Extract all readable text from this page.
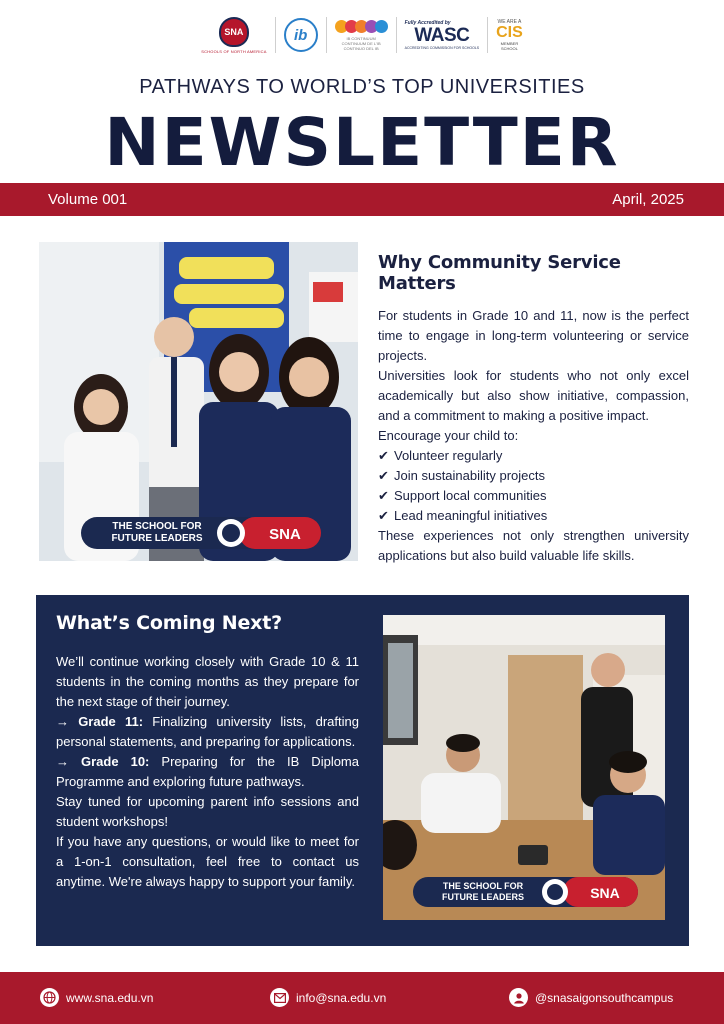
SNA
SCHOOLS OF NORTH AMERICA
ib	IB CONTINUUM
CONTINUUM DE L'IB
CONTINUO DEL IB
Fully Accredited by
WASC
ACCREDITING COMMISSION FOR SCHOOLS
WE ARE A
CIS
MEMBER
SCHOOL
PATHWAYS TO WORLD’S TOP UNIVERSITIES
NEWSLETTER
Volume 001	April, 2025
THE SCHOOL FOR
FUTURE LEADERS	SNA
Why Community Service Matters

For students in Grade 10 and 11, now is the perfect time to engage in long-term volunteering or service projects.

Universities look for students who not only excel academically but also show initiative, compassion, and a commitment to making a positive impact.

Encourage your child to:

✔ Volunteer regularly
✔ Join sustainability projects
✔ Support local communities
✔ Lead meaningful initiatives

These experiences not only strengthen university applications but also build valuable life skills.

What’s Coming Next?

We’ll continue working closely with Grade 10 & 11 students in the coming months as they prepare for the next stage of their journey.

→ Grade 11: Finalizing university lists, drafting personal statements, and preparing for applications.

→ Grade 10: Preparing for the IB Diploma Programme and exploring future pathways.

Stay tuned for upcoming parent info sessions and student workshops!

If you have any questions, or would like to meet for a 1-on-1 consultation, feel free to contact us anytime. We're always happy to support your family.	THE SCHOOL FOR
FUTURE LEADERS	SNA
www.sna.edu.vn	info@sna.edu.vn	@snasaigonsouthcampus
